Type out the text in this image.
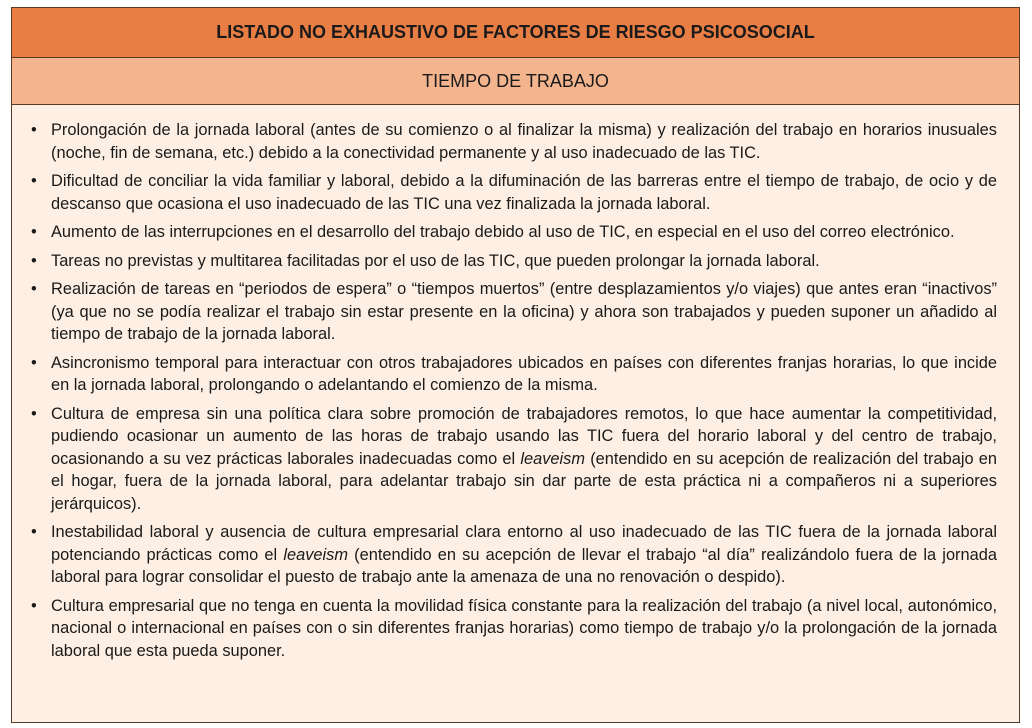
LISTADO NO EXHAUSTIVO DE FACTORES DE RIESGO PSICOSOCIAL
TIEMPO DE TRABAJO
• Prolongación de la jornada laboral (antes de su comienzo o al finalizar la misma) y realización del trabajo en horarios inusuales (noche, fin de semana, etc.) debido a la conectividad permanente y al uso inadecuado de las TIC.
• Dificultad de conciliar la vida familiar y laboral, debido a la difuminación de las barreras entre el tiempo de trabajo, de ocio y de descanso que ocasiona el uso inadecuado de las TIC una vez finalizada la jornada laboral.
• Aumento de las interrupciones en el desarrollo del trabajo debido al uso de TIC, en especial en el uso del correo electrónico.
• Tareas no previstas y multitarea facilitadas por el uso de las TIC, que pueden prolongar la jornada laboral.
• Realización de tareas en “periodos de espera” o “tiempos muertos” (entre desplazamientos y/o viajes) que antes eran “inactivos” (ya que no se podía realizar el trabajo sin estar presente en la oficina) y ahora son trabajados y pueden suponer un añadido al tiempo de trabajo de la jornada laboral.
• Asincronismo temporal para interactuar con otros trabajadores ubicados en países con diferentes franjas horarias, lo que incide en la jornada laboral, prolongando o adelantando el comienzo de la misma.
• Cultura de empresa sin una política clara sobre promoción de trabajadores remotos, lo que hace aumentar la competitividad, pudiendo ocasionar un aumento de las horas de trabajo usando las TIC fuera del horario laboral y del centro de trabajo, ocasionando a su vez prácticas laborales inadecuadas como el leaveism (entendido en su acepción de realización del trabajo en el hogar, fuera de la jornada laboral, para adelantar trabajo sin dar parte de esta práctica ni a compañeros ni a superiores jerárquicos).
• Inestabilidad laboral y ausencia de cultura empresarial clara entorno al uso inadecuado de las TIC fuera de la jornada laboral potenciando prácticas como el leaveism (entendido en su acepción de llevar el trabajo “al día” realizándolo fuera de la jornada laboral para lograr consolidar el puesto de trabajo ante la amenaza de una no renovación o despido).
• Cultura empresarial que no tenga en cuenta la movilidad física constante para la realización del trabajo (a nivel local, autonómico, nacional o internacional en países con o sin diferentes franjas horarias) como tiempo de trabajo y/o la prolongación de la jornada laboral que esta pueda suponer.
